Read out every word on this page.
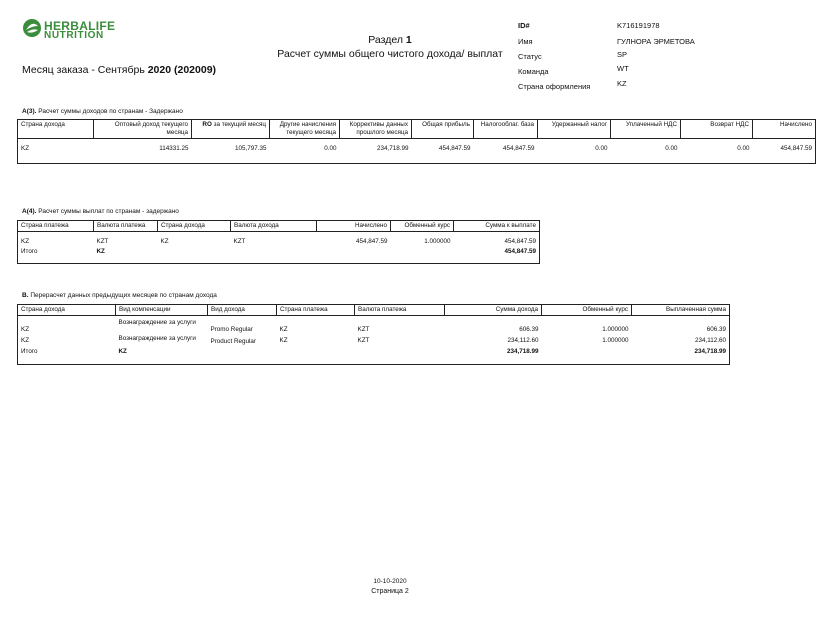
HERBALIFE
NUTRITION	Раздел 1
Расчет суммы общего чистого дохода/ выплат
Месяц заказа - Сентябрь 2020 (202009)
ID#	K716191978
Имя	ГУЛНОРА ЭРМЕТОВА
Статус	SP
Команда	WT
Страна оформления	KZ
A(3). Расчет суммы доходов по странам - Задержано
Страна дохода	Оптовый доход текущего месяца	RO за текущий месяц	Другие начисления текущего месяца	Коррективы данных прошлого месяца	Общая прибыль	Налогооблаг. база	Удержанный налог	Уплаченный НДС	Возврат НДС	Начислено
KZ	114331.25	105,797.35	0.00	234,718.99	454,847.59	454,847.59	0.00	0.00	0.00	454,847.59
A(4). Расчет суммы выплат по странам - задержано
Страна платежа	Валюта платежа	Страна дохода	Валюта дохода	Начислено	Обменный курс	Сумма к выплате
KZ	KZT	KZ	KZT	454,847.59	1.000000	454,847.59
Итого	KZ					454,847.59
B. Перерасчет данных предыдущих месяцев по странам дохода
Страна дохода	Вид компенсации	Вид дохода	Страна платежа	Валюта платежа	Сумма дохода	Обменный курс	Выплаченная сумма
KZ	Вознаграждение за услуги	Promo Regular	KZ	KZT	606.39	1.000000	606.39
KZ	Вознаграждение за услуги	Product Regular	KZ	KZT	234,112.60	1.000000	234,112.60
Итого	KZ				234,718.99		234,718.99
10-10-2020
Страница 2
